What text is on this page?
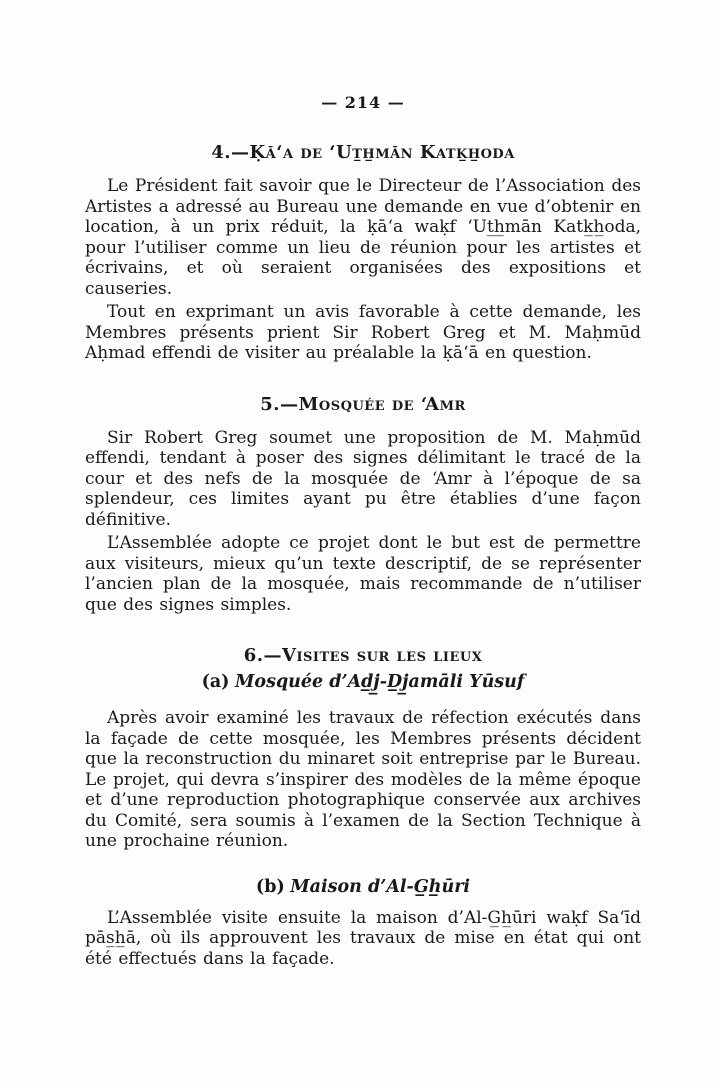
— 214 —
4.—Ḳā‘a de ‘Ut̲h̲mān Katk̲h̲oda

Le Président fait savoir que le Directeur de l’Association des Artistes a adressé au Bureau une demande en vue d’obtenir en location, à un prix réduit, la ḳā‘a waḳf ‘Ut̲h̲mān Katk̲h̲oda, pour l’utiliser comme un lieu de réunion pour les artistes et écrivains, et où seraient organisées des expositions et causeries.

Tout en exprimant un avis favorable à cette demande, les Membres présents prient Sir Robert Greg et M. Maḥmūd Aḥmad effendi de visiter au préalable la ḳā‘ā en question.

5.—Mosquée de ‘Amr

Sir Robert Greg soumet une proposition de M. Maḥmūd effendi, tendant à poser des signes délimitant le tracé de la cour et des nefs de la mosquée de ‘Amr à l’époque de sa splendeur, ces limites ayant pu être établies d’une façon définitive.

L’Assemblée adopte ce projet dont le but est de permettre aux visiteurs, mieux qu’un texte descriptif, de se représenter l’ancien plan de la mosquée, mais recommande de n’utiliser que des signes simples.

6.—Visites sur les lieux
(a) Mosquée d’Ad̲j̲-D̲j̲amāli Yūsuf

Après avoir examiné les travaux de réfection exécutés dans la façade de cette mosquée, les Membres présents décident que la reconstruction du minaret soit entreprise par le Bureau. Le projet, qui devra s’inspirer des modèles de la même époque et d’une reproduction photographique conservée aux archives du Comité, sera soumis à l’examen de la Section Technique à une prochaine réunion.

(b) Maison d’Al-G̲h̲ūri

L’Assemblée visite ensuite la maison d’Al-G̲h̲ūri waḳf Sa‘īd pās̲h̲ā, où ils approuvent les travaux de mise en état qui ont été effectués dans la façade.
